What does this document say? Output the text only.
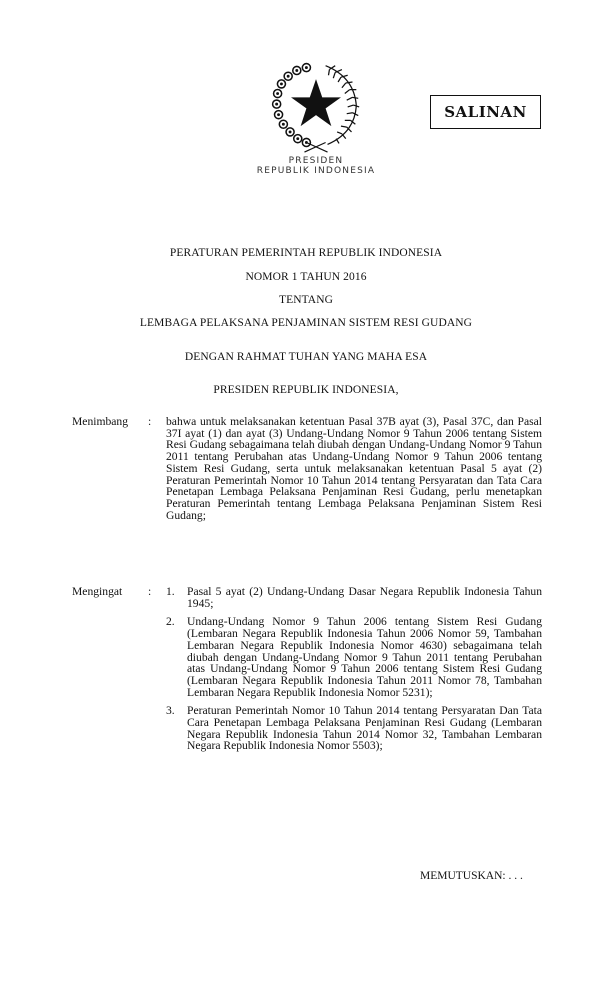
PRESIDEN
REPUBLIK INDONESIA
SALINAN
PERATURAN PEMERINTAH REPUBLIK INDONESIA
NOMOR 1 TAHUN 2016
TENTANG
LEMBAGA PELAKSANA PENJAMINAN SISTEM RESI GUDANG
DENGAN RAHMAT TUHAN YANG MAHA ESA
PRESIDEN REPUBLIK INDONESIA,
Menimbang	: bahwa untuk melaksanakan ketentuan Pasal 37B ayat (3), Pasal 37C, dan Pasal 37I ayat (1) dan ayat (3) Undang-Undang Nomor 9 Tahun 2006 tentang Sistem Resi Gudang sebagaimana telah diubah dengan Undang-Undang Nomor 9 Tahun 2011 tentang Perubahan atas Undang-Undang Nomor 9 Tahun 2006 tentang Sistem Resi Gudang, serta untuk melaksanakan ketentuan Pasal 5 ayat (2) Peraturan Pemerintah Nomor 10 Tahun 2014 tentang Persyaratan dan Tata Cara Penetapan Lembaga Pelaksana Penjaminan Resi Gudang, perlu menetapkan Peraturan Pemerintah tentang Lembaga Pelaksana Penjaminan Sistem Resi Gudang;
Mengingat	: 1. Pasal 5 ayat (2) Undang-Undang Dasar Negara Republik Indonesia Tahun 1945;
2. Undang-Undang Nomor 9 Tahun 2006 tentang Sistem Resi Gudang (Lembaran Negara Republik Indonesia Tahun 2006 Nomor 59, Tambahan Lembaran Negara Republik Indonesia Nomor 4630) sebagaimana telah diubah dengan Undang-Undang Nomor 9 Tahun 2011 tentang Perubahan atas Undang-Undang Nomor 9 Tahun 2006 tentang Sistem Resi Gudang (Lembaran Negara Republik Indonesia Tahun 2011 Nomor 78, Tambahan Lembaran Negara Republik Indonesia Nomor 5231);
3. Peraturan Pemerintah Nomor 10 Tahun 2014 tentang Persyaratan Dan Tata Cara Penetapan Lembaga Pelaksana Penjaminan Resi Gudang (Lembaran Negara Republik Indonesia Tahun 2014 Nomor 32, Tambahan Lembaran Negara Republik Indonesia Nomor 5503);
MEMUTUSKAN: . . .
